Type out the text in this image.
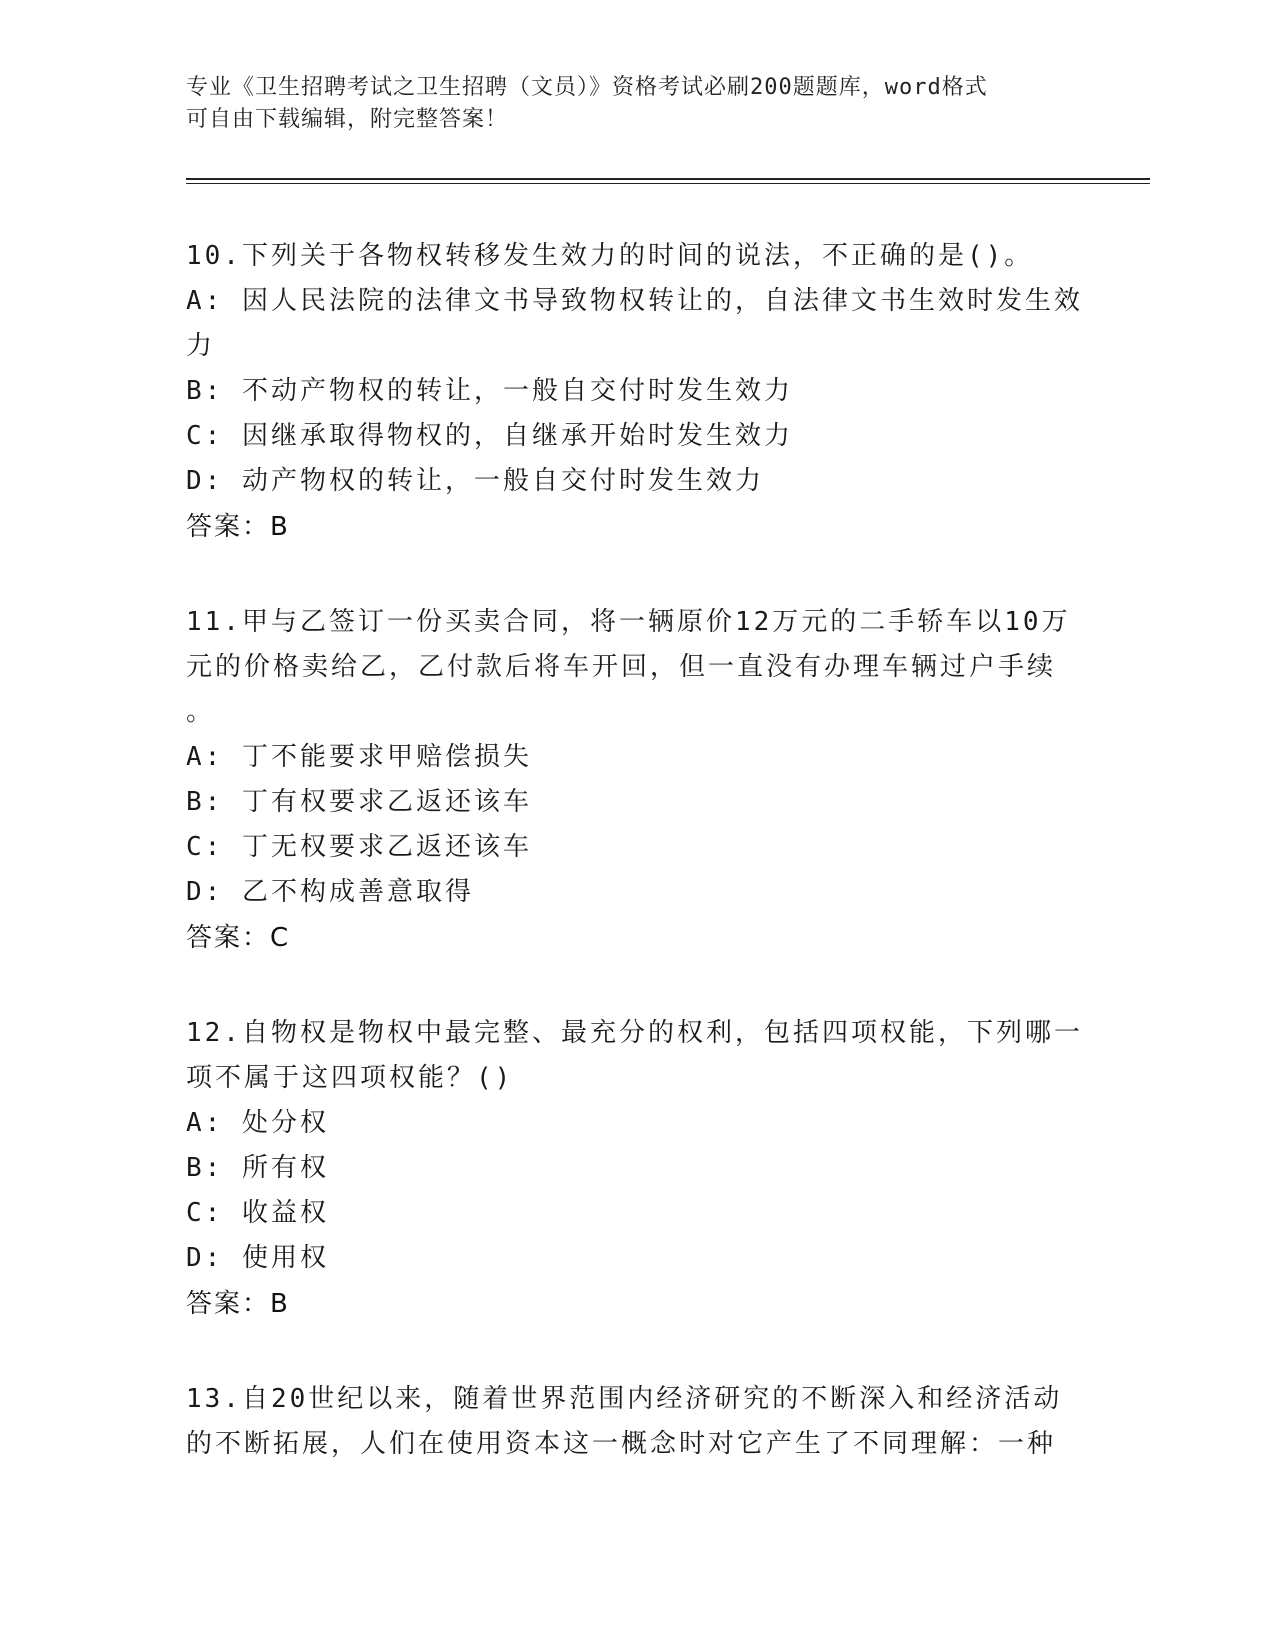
专业《卫生招聘考试之卫生招聘（文员）》资格考试必刷200题题库，word格式

可自由下载编辑，附完整答案！

10.下列关于各物权转移发生效力的时间的说法，不正确的是()。
A: 因人民法院的法律文书导致物权转让的，自法律文书生效时发生效
力
B: 不动产物权的转让，一般自交付时发生效力
C: 因继承取得物权的，自继承开始时发生效力
D: 动产物权的转让，一般自交付时发生效力
答案：B
11.甲与乙签订一份买卖合同，将一辆原价12万元的二手轿车以10万
元的价格卖给乙，乙付款后将车开回，但一直没有办理车辆过户手续
。
A: 丁不能要求甲赔偿损失
B: 丁有权要求乙返还该车
C: 丁无权要求乙返还该车
D: 乙不构成善意取得
答案：C
12.自物权是物权中最完整、最充分的权利，包括四项权能，下列哪一
项不属于这四项权能？()
A: 处分权
B: 所有权
C: 收益权
D: 使用权
答案：B
13.自20世纪以来，随着世界范围内经济研究的不断深入和经济活动
的不断拓展，人们在使用资本这一概念时对它产生了不同理解：一种
